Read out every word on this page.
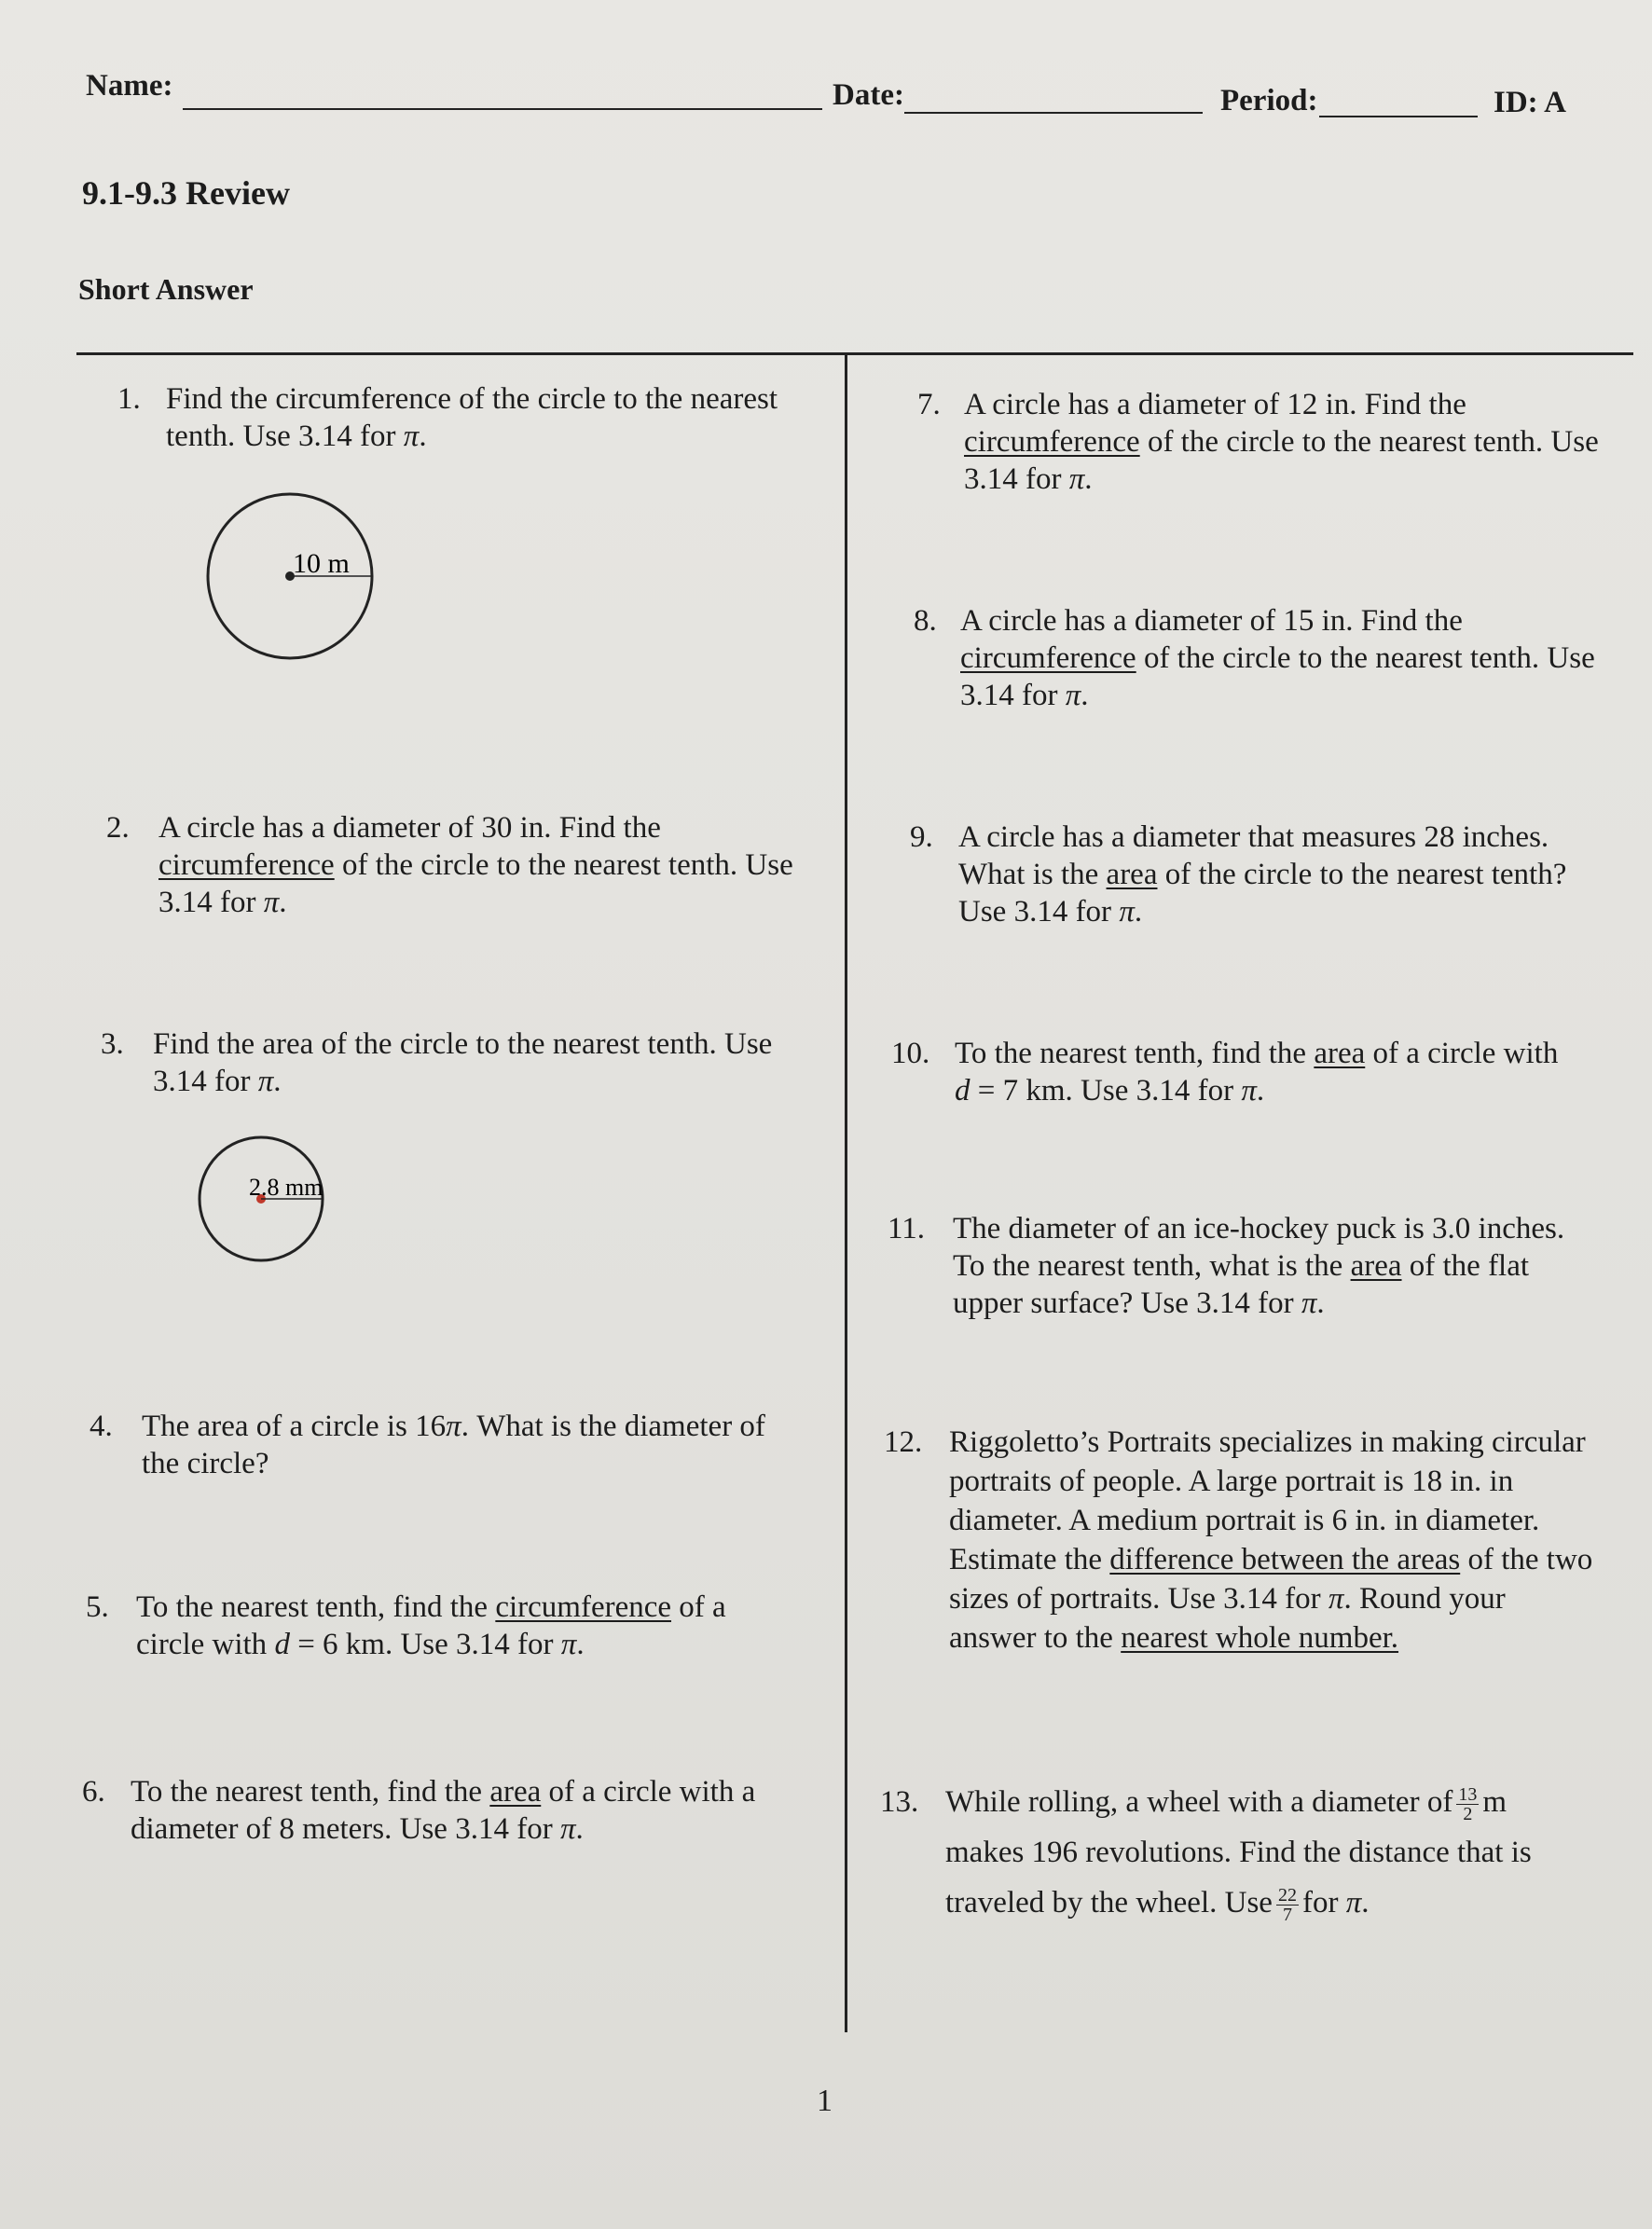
Name:	Date:	Period:	ID: A
9.1-9.3 Review
Short Answer
1. Find the circumference of the circle to the nearest
tenth. Use 3.14 for π.
10 m
2. A circle has a diameter of 30 in. Find the
circumference of the circle to the nearest tenth. Use
3.14 for π.
3. Find the area of the circle to the nearest tenth. Use
3.14 for π.
2.8 mm
4. The area of a circle is 16π. What is the diameter of
the circle?
5. To the nearest tenth, find the circumference of a
circle with d = 6 km. Use 3.14 for π.
6. To the nearest tenth, find the area of a circle with a
diameter of 8 meters. Use 3.14 for π.
7. A circle has a diameter of 12 in. Find the
circumference of the circle to the nearest tenth. Use
3.14 for π.
8. A circle has a diameter of 15 in. Find the
circumference of the circle to the nearest tenth. Use
3.14 for π.
9. A circle has a diameter that measures 28 inches.
What is the area of the circle to the nearest tenth?
Use 3.14 for π.
10. To the nearest tenth, find the area of a circle with
d = 7 km. Use 3.14 for π.
11. The diameter of an ice-hockey puck is 3.0 inches.
To the nearest tenth, what is the area of the flat
upper surface? Use 3.14 for π.
12. Riggoletto’s Portraits specializes in making circular
portraits of people. A large portrait is 18 in. in
diameter. A medium portrait is 6 in. in diameter.
Estimate the difference between the areas of the two
sizes of portraits. Use 3.14 for π. Round your
answer to the nearest whole number.
13. While rolling, a wheel with a diameter of $\frac{13}{2}$ m
makes 196 revolutions. Find the distance that is
traveled by the wheel. Use $\frac{22}{7}$ for π.
1
